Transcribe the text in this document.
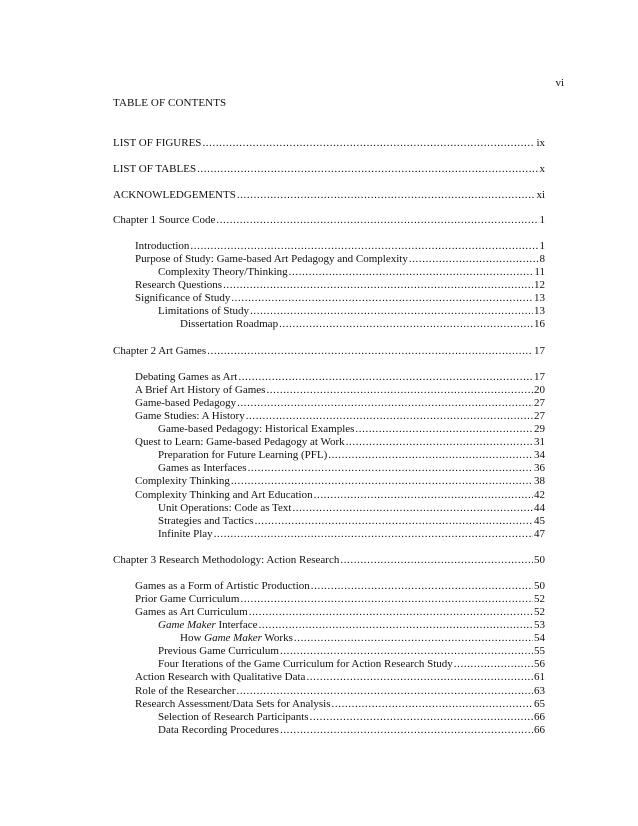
vi
TABLE OF CONTENTS
LIST OF FIGURES .....	ix
LIST OF TABLES .....	x
ACKNOWLEDGEMENTS .....	xi
Chapter 1 Source Code .....	1
Introduction .....	1
Purpose of Study: Game-based Art Pedagogy and Complexity .....	8
Complexity Theory/Thinking .....	11
Research Questions .....	12
Significance of Study .....	13
Limitations of Study .....	13
Dissertation Roadmap .....	16
Chapter 2 Art Games .....	17
Debating Games as Art .....	17
A Brief Art History of Games .....	20
Game-based Pedagogy .....	27
Game Studies: A History .....	27
Game-based Pedagogy: Historical Examples .....	29
Quest to Learn: Game-based Pedagogy at Work .....	31
Preparation for Future Learning (PFL) .....	34
Games as Interfaces .....	36
Complexity Thinking .....	38
Complexity Thinking and Art Education .....	42
Unit Operations: Code as Text .....	44
Strategies and Tactics .....	45
Infinite Play .....	47
Chapter 3 Research Methodology: Action Research .....	50
Games as a Form of Artistic Production .....	50
Prior Game Curriculum .....	52
Games as Art Curriculum .....	52
Game Maker Interface .....	53
How Game Maker Works .....	54
Previous Game Curriculum .....	55
Four Iterations of the Game Curriculum for Action Research Study .....	56
Action Research with Qualitative Data .....	61
Role of the Researcher .....	63
Research Assessment/Data Sets for Analysis .....	65
Selection of Research Participants .....	66
Data Recording Procedures .....	66
